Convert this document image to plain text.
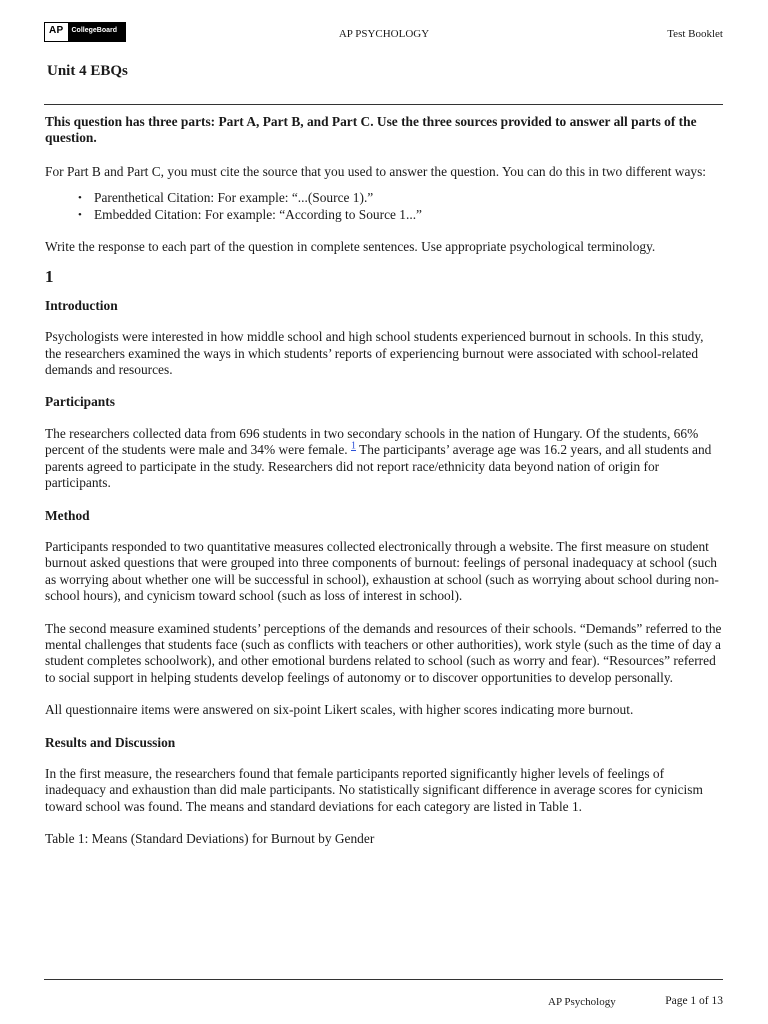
AP	CollegeBoard	AP PSYCHOLOGY	Test Booklet
Unit 4 EBQs

This question has three parts: Part A, Part B, and Part C. Use the three sources provided to answer all parts of the question.

For Part B and Part C, you must cite the source that you used to answer the question. You can do this in two different ways:

• Parenthetical Citation: For example: “...(Source 1).”
• Embedded Citation: For example: “According to Source 1...”

Write the response to each part of the question in complete sentences. Use appropriate psychological terminology.

1

Introduction

Psychologists were interested in how middle school and high school students experienced burnout in schools. In this study, the researchers examined the ways in which students’ reports of experiencing burnout were associated with school-related demands and resources.

Participants

The researchers collected data from 696 students in two secondary schools in the nation of Hungary. Of the students, 66% percent of the students were male and 34% were female. $^1$ The participants’ average age was 16.2 years, and all students and parents agreed to participate in the study. Researchers did not report race/ethnicity data beyond nation of origin for participants.

Method

Participants responded to two quantitative measures collected electronically through a website. The first measure on student burnout asked questions that were grouped into three components of burnout: feelings of personal inadequacy at school (such as worrying about whether one will be successful in school), exhaustion at school (such as worrying about school during non-school hours), and cynicism toward school (such as loss of interest in school).

The second measure examined students’ perceptions of the demands and resources of their schools. “Demands” referred to the mental challenges that students face (such as conflicts with teachers or other authorities), work style (such as the time of day a student completes schoolwork), and other emotional burdens related to school (such as worry and fear). “Resources” referred to social support in helping students develop feelings of autonomy or to discover opportunities to develop personally.

All questionnaire items were answered on six-point Likert scales, with higher scores indicating more burnout.

Results and Discussion

In the first measure, the researchers found that female participants reported significantly higher levels of feelings of inadequacy and exhaustion than did male participants. No statistically significant difference in average scores for cynicism toward school was found. The means and standard deviations for each category are listed in Table 1.

Table 1: Means (Standard Deviations) for Burnout by Gender

AP Psychology	Page 1 of 13
